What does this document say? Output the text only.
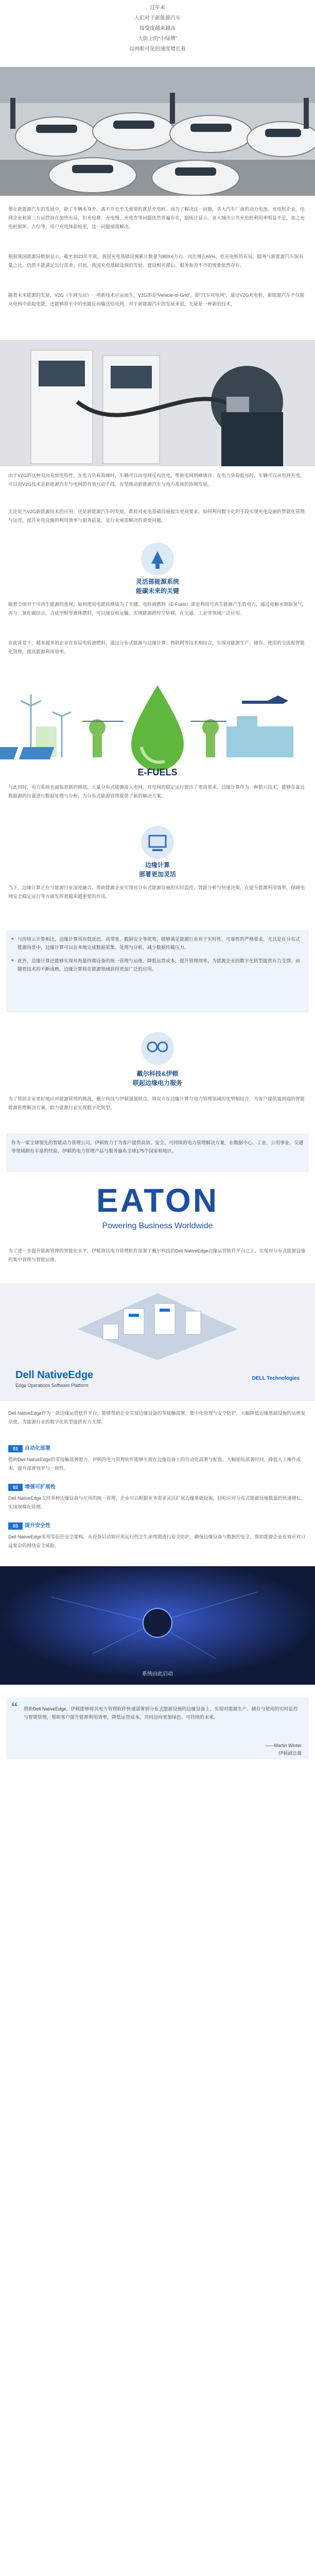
过年来
人们对于新能源汽车
接受度越来越高
大街上的“小绿牌”
以肉眼可见的速度增长着

要在新能源汽车的发展中，除了车辆本身外，离不开也至关重要的就是充电桩。而为了解决这一问题，各大汽车厂商的动力电池、充电桩企业，电网企业和第三方运营商在加快布局，但充电难、充电慢、充电贵等问题依然普遍存在，据统计显示，各大城市公共充电桩利用率明显不足，加之充电桩损坏、占位等，用户充电体验较差，这一问题亟需解决。

根据我国能源局数据显示，截至2023年年底，我国充电基础设施累计数量为859.6万台，同比增长65%，但充电桩的布局、服务与新能源汽车保有量之比，仍然不能满足出行需求。目前，我国充电基础设施的发展、建设相对滞后、服务参差不齐的现象依然存在。

随着未来能源的发展，V2G（车网互动）一项新技术应运而生，V2G即是“Vehicle-to-Grid”，即“汽车对电网”，通过V2G充电桩，新能源汽车不仅能从电网中获取电能，还能够将车中的电能反向输送给电网，对于新能源汽车的发展来说，无疑是一种新的技术。

由于V2G的这种双向充放电特性，在电力负荷高峰时，车辆可以向电网反向送电，帮助电网削峰填谷；在电力负荷低谷时，车辆可以从电网充电，可以说V2G技术是新能源汽车与电网的有效互动手段，有望推动新能源汽车与电力系统的协调发展。

无论是当V2G新能源技术的应用，还是新能源汽车的发展，都将对充电基础设施提出更高要求，如何利用数字化的手段实现充电设施的智能化管理与运营，提升充电设施的利用效率与服务质量，是行业亟需解决的重要问题。

灵活部能源系统
能碳未来的关键

随着全球对于可再生能源的重视，如何使用电能转换成为了关键。电转液燃料（E-Fuels）即是利用可再生能源产生的电力，通过电解水制取氢气，再与二氧化碳结合，合成甲醇等液体燃料，可以储存和运输，实现能源跨时空转移，在交通、工业等领域广泛应用。

在此背景下，越来越多的企业在布局电转液燃料，通过分布式能源与边缘计算、物联网等技术相结合，实现对能源生产、储存、使用的全流程智能化管理，提高能源利用效率。

E-FUELS

与此同时，电力系统也面临着新的挑战，大量分布式能源接入电网，对电网的稳定运行提出了更高要求。边缘计算作为一种新兴技术，能够在靠近数据源的位置进行数据处理与分析，为分布式能源管理提供了新的解决方案。

边缘计算
部署更加灵活

当下，边缘计算正在与能源行业深度融合，帮助能源企业实现对分布式能源设施的实时监控、智能分析与快速决策，在提升能源利用效率、保障电网安全稳定运行等方面发挥着越来越重要的作用。

■ 与传统云计算相比，边缘计算具有低延迟、高带宽、数据安全等优势，能够满足能源行业对于实时性、可靠性的严格要求，尤其是在分布式能源场景中，边缘计算可以在本地完成数据采集、处理与分析，减少数据传输压力。

■ 此外，边缘计算还能够实现对海量终端设备的统一管理与运维，降低运营成本，提升管理效率，为能源企业的数字化转型提供有力支撑。而随着技术的不断成熟，边缘计算将在能源领域获得更加广泛的应用。

戴尔科技&伊顿
联起边缘电力服务

为了帮助企业更好地应对能源管理的挑战，戴尔科技与伊顿强强联合，将双方在边缘计算与电力管理领域的优势相结合，为客户提供端到端的智能能源管理解决方案，助力能源行业实现数字化转型。

作为一家全球领先的智能动力管理公司，伊顿致力于为客户提供高效、安全、可持续的电力管理解决方案，在数据中心、工业、公用事业、交通等领域拥有丰富的经验，伊顿的电力管理产品与服务遍布全球175个国家和地区。

EATON
Powering Business Worldwide

为了进一步提升能源管理的智能化水平，伊顿将其电力管理软件部署于戴尔科技的Dell NativeEdge边缘运营软件平台之上，实现对分布式能源设施的集中管理与智能运维。

Dell NativeEdge
Edge Operations Software Platform
DELL Technologies

Dell NativeEdge作为一款边缘运营软件平台，能够帮助企业实现边缘设备的零接触部署、集中化管理与安全防护，大幅降低边缘基础设施的运维复杂度，为能源行业的数字化转型提供有力支撑。

01	自动化部署

借助Dell NativeEdge的零接触部署能力，伊顿的电力管理软件能够实现在边缘设备上的自动化部署与配置，大幅缩短部署时间，降低人工操作成本，提升部署效率与一致性。

02	增强可扩展性

Dell NativeEdge支持多种边缘设备与应用的统一管理，企业可以根据业务需求灵活扩展边缘基础设施，轻松应对分布式能源设施数量的快速增长，实现规模化管理。

03	提升安全性

Dell NativeEdge采用零信任安全架构，从设备启动到应用运行的全生命周期进行安全防护，确保边缘设备与数据的安全，帮助能源企业有效应对日益复杂的网络安全威胁。

系统由此启动
“ 借助Dell NativeEdge，伊顿能够将其电力管理软件快速部署到分布式能源设施的边缘设备上，实现对能源生产、储存与使用的实时监控与智能管理，帮助客户提升能源利用效率，降低运营成本，共同迈向更加绿色、可持续的未来。

——Martin Winter
伊顿副总裁
